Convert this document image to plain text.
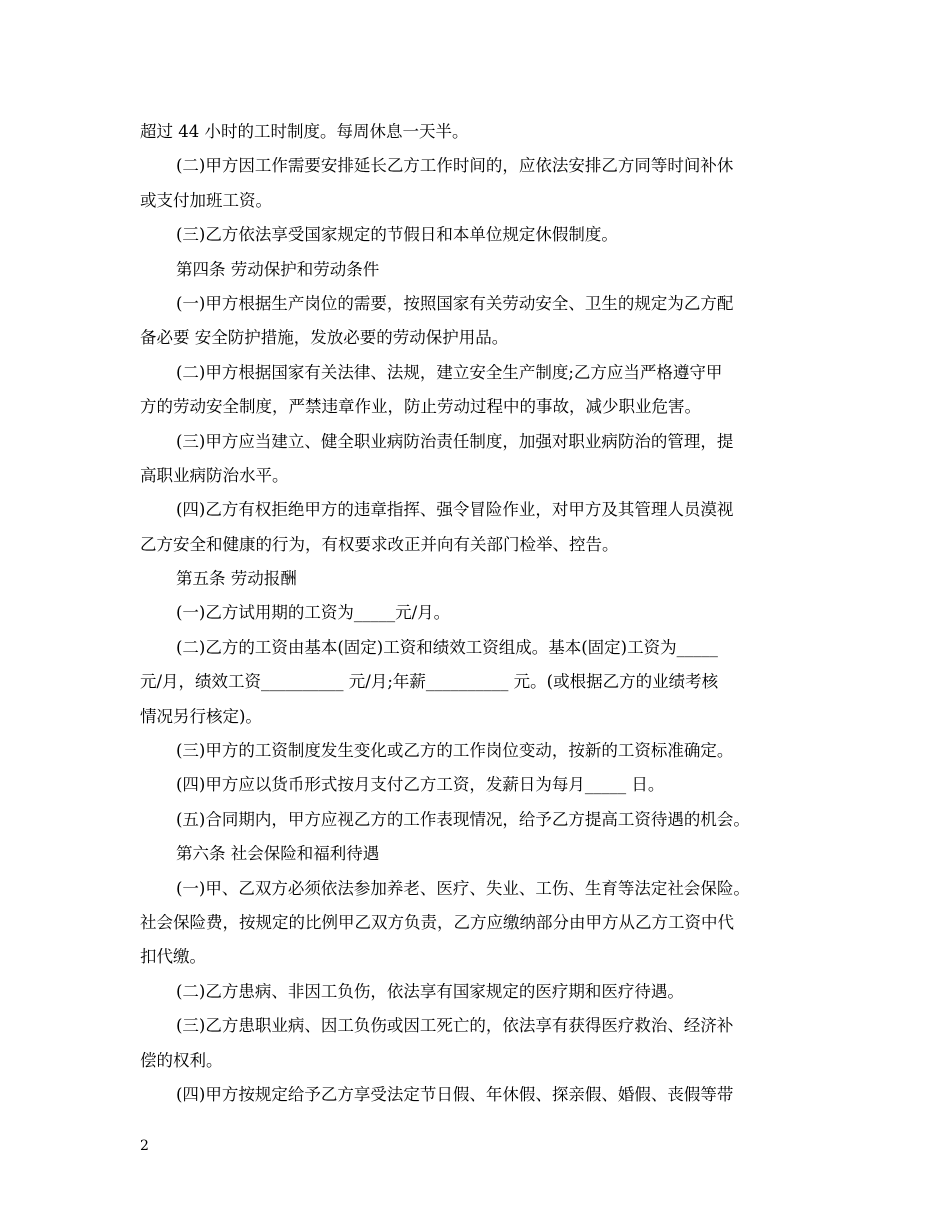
超过 44 小时的工时制度。每周休息一天半。
(二)甲方因工作需要安排延长乙方工作时间的，应依法安排乙方同等时间补休
或支付加班工资。
(三)乙方依法享受国家规定的节假日和本单位规定休假制度。
第四条 劳动保护和劳动条件
(一)甲方根据生产岗位的需要，按照国家有关劳动安全、卫生的规定为乙方配
备必要 安全防护措施，发放必要的劳动保护用品。
(二)甲方根据国家有关法律、法规，建立安全生产制度;乙方应当严格遵守甲
方的劳动安全制度，严禁违章作业，防止劳动过程中的事故，减少职业危害。
(三)甲方应当建立、健全职业病防治责任制度，加强对职业病防治的管理，提
高职业病防治水平。
(四)乙方有权拒绝甲方的违章指挥、强令冒险作业，对甲方及其管理人员漠视
乙方安全和健康的行为，有权要求改正并向有关部门检举、控告。
第五条 劳动报酬
(一)乙方试用期的工资为_____元/月。
(二)乙方的工资由基本(固定)工资和绩效工资组成。基本(固定)工资为_____
元/月，绩效工资__________ 元/月;年薪__________ 元。(或根据乙方的业绩考核
情况另行核定)。
(三)甲方的工资制度发生变化或乙方的工作岗位变动，按新的工资标准确定。
(四)甲方应以货币形式按月支付乙方工资，发薪日为每月_____ 日。
(五)合同期内，甲方应视乙方的工作表现情况，给予乙方提高工资待遇的机会。
第六条 社会保险和福利待遇
(一)甲、乙双方必须依法参加养老、医疗、失业、工伤、生育等法定社会保险。
社会保险费，按规定的比例甲乙双方负责，乙方应缴纳部分由甲方从乙方工资中代
扣代缴。
(二)乙方患病、非因工负伤，依法享有国家规定的医疗期和医疗待遇。
(三)乙方患职业病、因工负伤或因工死亡的，依法享有获得医疗救治、经济补
偿的权利。
(四)甲方按规定给予乙方享受法定节日假、年休假、探亲假、婚假、丧假等带
2
